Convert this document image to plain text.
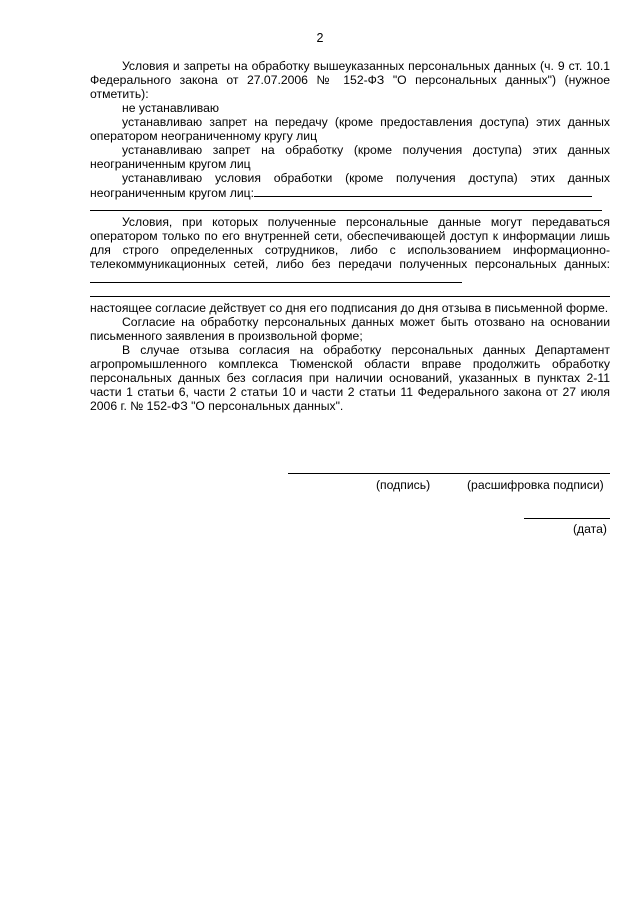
2

Условия и запреты на обработку вышеуказанных персональных данных (ч. 9 ст. 10.1 Федерального закона от 27.07.2006 № 152-ФЗ "О персональных данных") (нужное отметить):

не устанавливаю

устанавливаю запрет на передачу (кроме предоставления доступа) этих данных оператором неограниченному кругу лиц

устанавливаю запрет на обработку (кроме получения доступа) этих данных неограниченным кругом лиц

устанавливаю условия обработки (кроме получения доступа) этих данных неограниченным кругом лиц:

Условия, при которых полученные персональные данные могут передаваться оператором только по его внутренней сети, обеспечивающей доступ к информации лишь для строго определенных сотрудников, либо с использованием информационно-телекоммуникационных сетей, либо без передачи полученных персональных данных:

настоящее согласие действует со дня его подписания до дня отзыва в письменной форме.

Согласие на обработку персональных данных может быть отозвано на основании письменного заявления в произвольной форме;

В случае отзыва согласия на обработку персональных данных Департамент агропромышленного комплекса Тюменской области вправе продолжить обработку персональных данных без согласия при наличии оснований, указанных в пунктах 2-11 части 1 статьи 6, части 2 статьи 10 и части 2 статьи 11 Федерального закона от 27 июля 2006 г. № 152-ФЗ "О персональных данных".

(подпись)	(расшифровка подписи)
(дата)
